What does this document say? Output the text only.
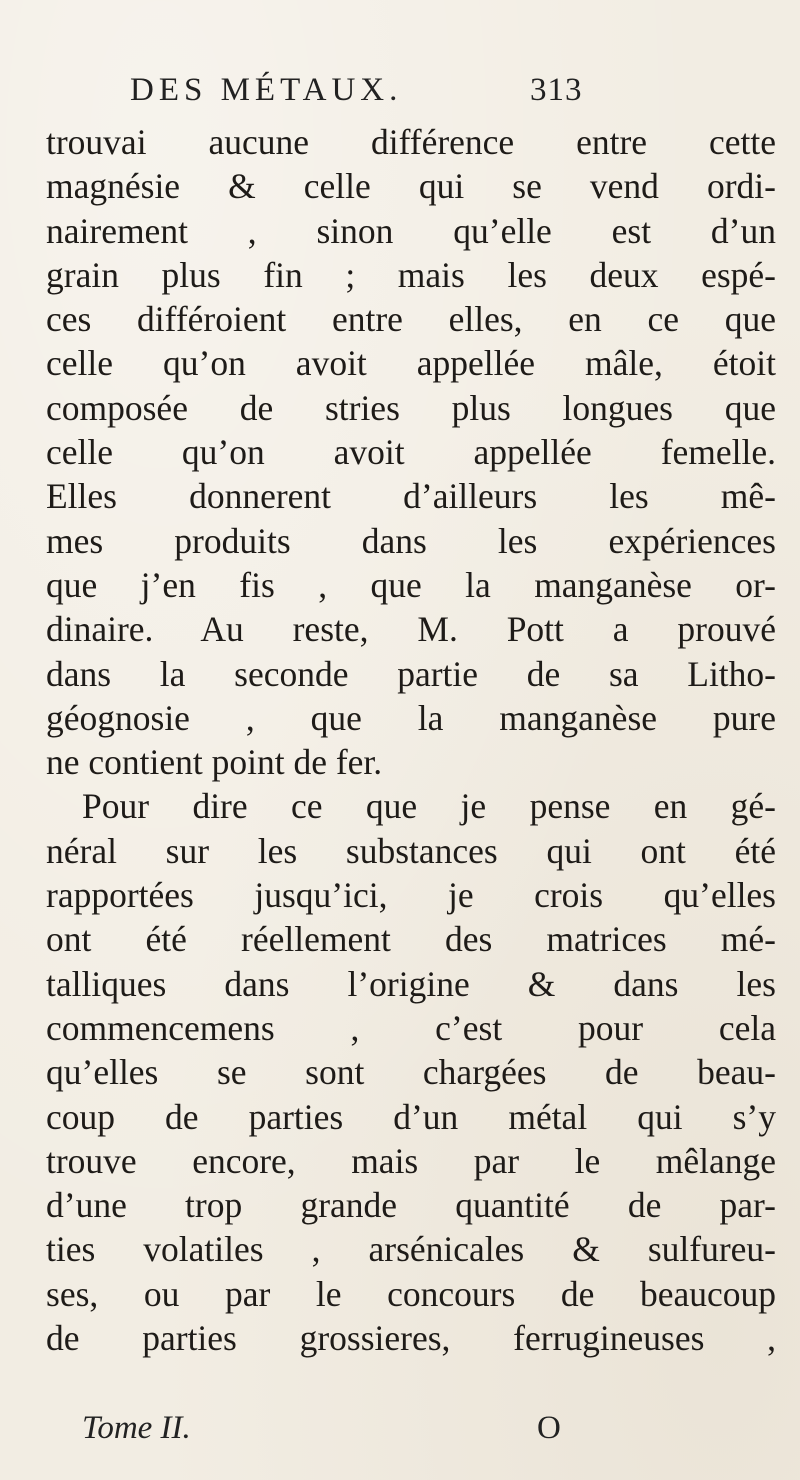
DES MÉTAUX.	313
trouvai aucune différence entre cette
magnésie & celle qui se vend ordi-
nairement , sinon qu’elle est d’un
grain plus fin ; mais les deux espé-
ces différoient entre elles, en ce que
celle qu’on avoit appellée mâle, étoit
composée de stries plus longues que
celle qu’on avoit appellée femelle.
Elles donnerent d’ailleurs les mê-
mes produits dans les expériences
que j’en fis , que la manganèse or-
dinaire. Au reste, M. Pott a prouvé
dans la seconde partie de sa Litho-
géognosie , que la manganèse pure
ne contient point de fer.
Pour dire ce que je pense en gé-
néral sur les substances qui ont été
rapportées jusqu’ici, je crois qu’elles
ont été réellement des matrices mé-
talliques dans l’origine & dans les
commencemens , c’est pour cela
qu’elles se sont chargées de beau-
coup de parties d’un métal qui s’y
trouve encore, mais par le mêlange
d’une trop grande quantité de par-
ties volatiles , arsénicales & sulfureu-
ses, ou par le concours de beaucoup
de parties grossieres, ferrugineuses ,
Tome II.	O
